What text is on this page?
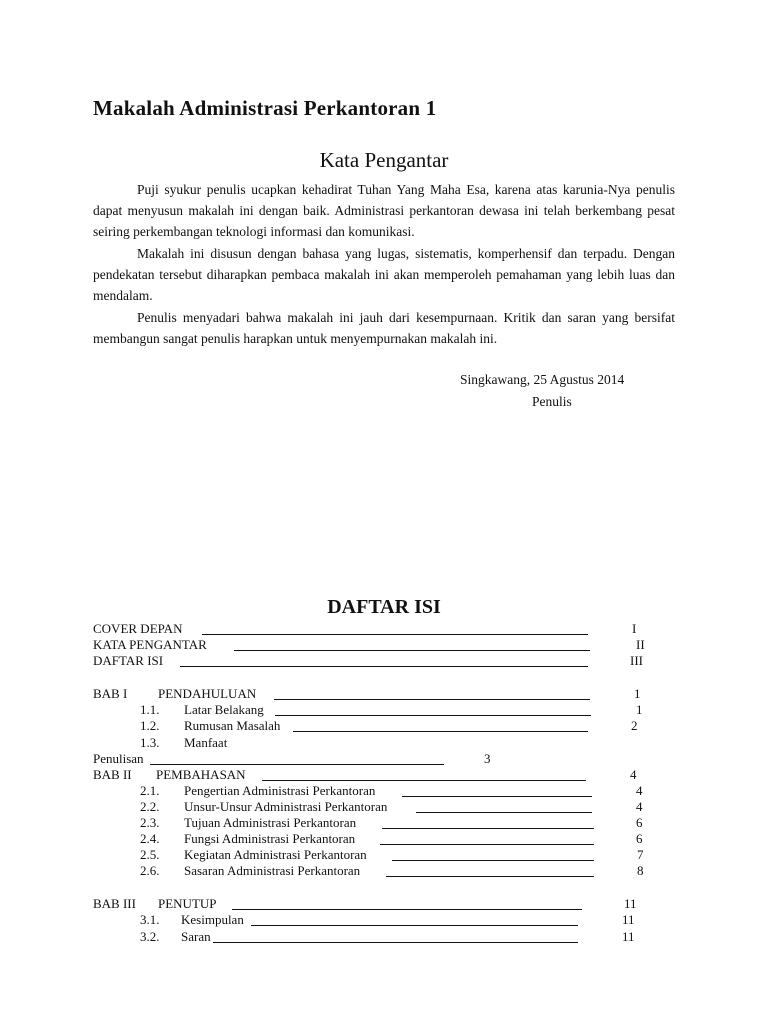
Makalah Administrasi Perkantoran 1
Kata Pengantar

Puji syukur penulis ucapkan kehadirat Tuhan Yang Maha Esa, karena atas karunia-Nya penulis dapat menyusun makalah ini dengan baik. Administrasi perkantoran dewasa ini telah berkembang pesat seiring perkembangan teknologi informasi dan komunikasi.

Makalah ini disusun dengan bahasa yang lugas, sistematis, komperhensif dan terpadu. Dengan pendekatan tersebut diharapkan pembaca makalah ini akan memperoleh pemahaman yang lebih luas dan mendalam.

Penulis menyadari bahwa makalah ini jauh dari kesempurnaan. Kritik dan saran yang bersifat membangun sangat penulis harapkan untuk menyempurnakan makalah ini.

Singkawang, 25 Agustus 2014
Penulis
DAFTAR ISI
COVER DEPAN	I
KATA PENGANTAR	II
DAFTAR ISI	III
BAB I PENDAHULUAN	1
1.1. Latar Belakang	1
1.2. Rumusan Masalah	2
1.3. Manfaat
Penulisan	3
BAB II PEMBAHASAN	4
2.1. Pengertian Administrasi Perkantoran	4
2.2. Unsur-Unsur Administrasi Perkantoran	4
2.3. Tujuan Administrasi Perkantoran	6
2.4. Fungsi Administrasi Perkantoran	6
2.5. Kegiatan Administrasi Perkantoran	7
2.6. Sasaran Administrasi Perkantoran	8
BAB III PENUTUP	11
3.1. Kesimpulan	11
3.2. Saran	11
